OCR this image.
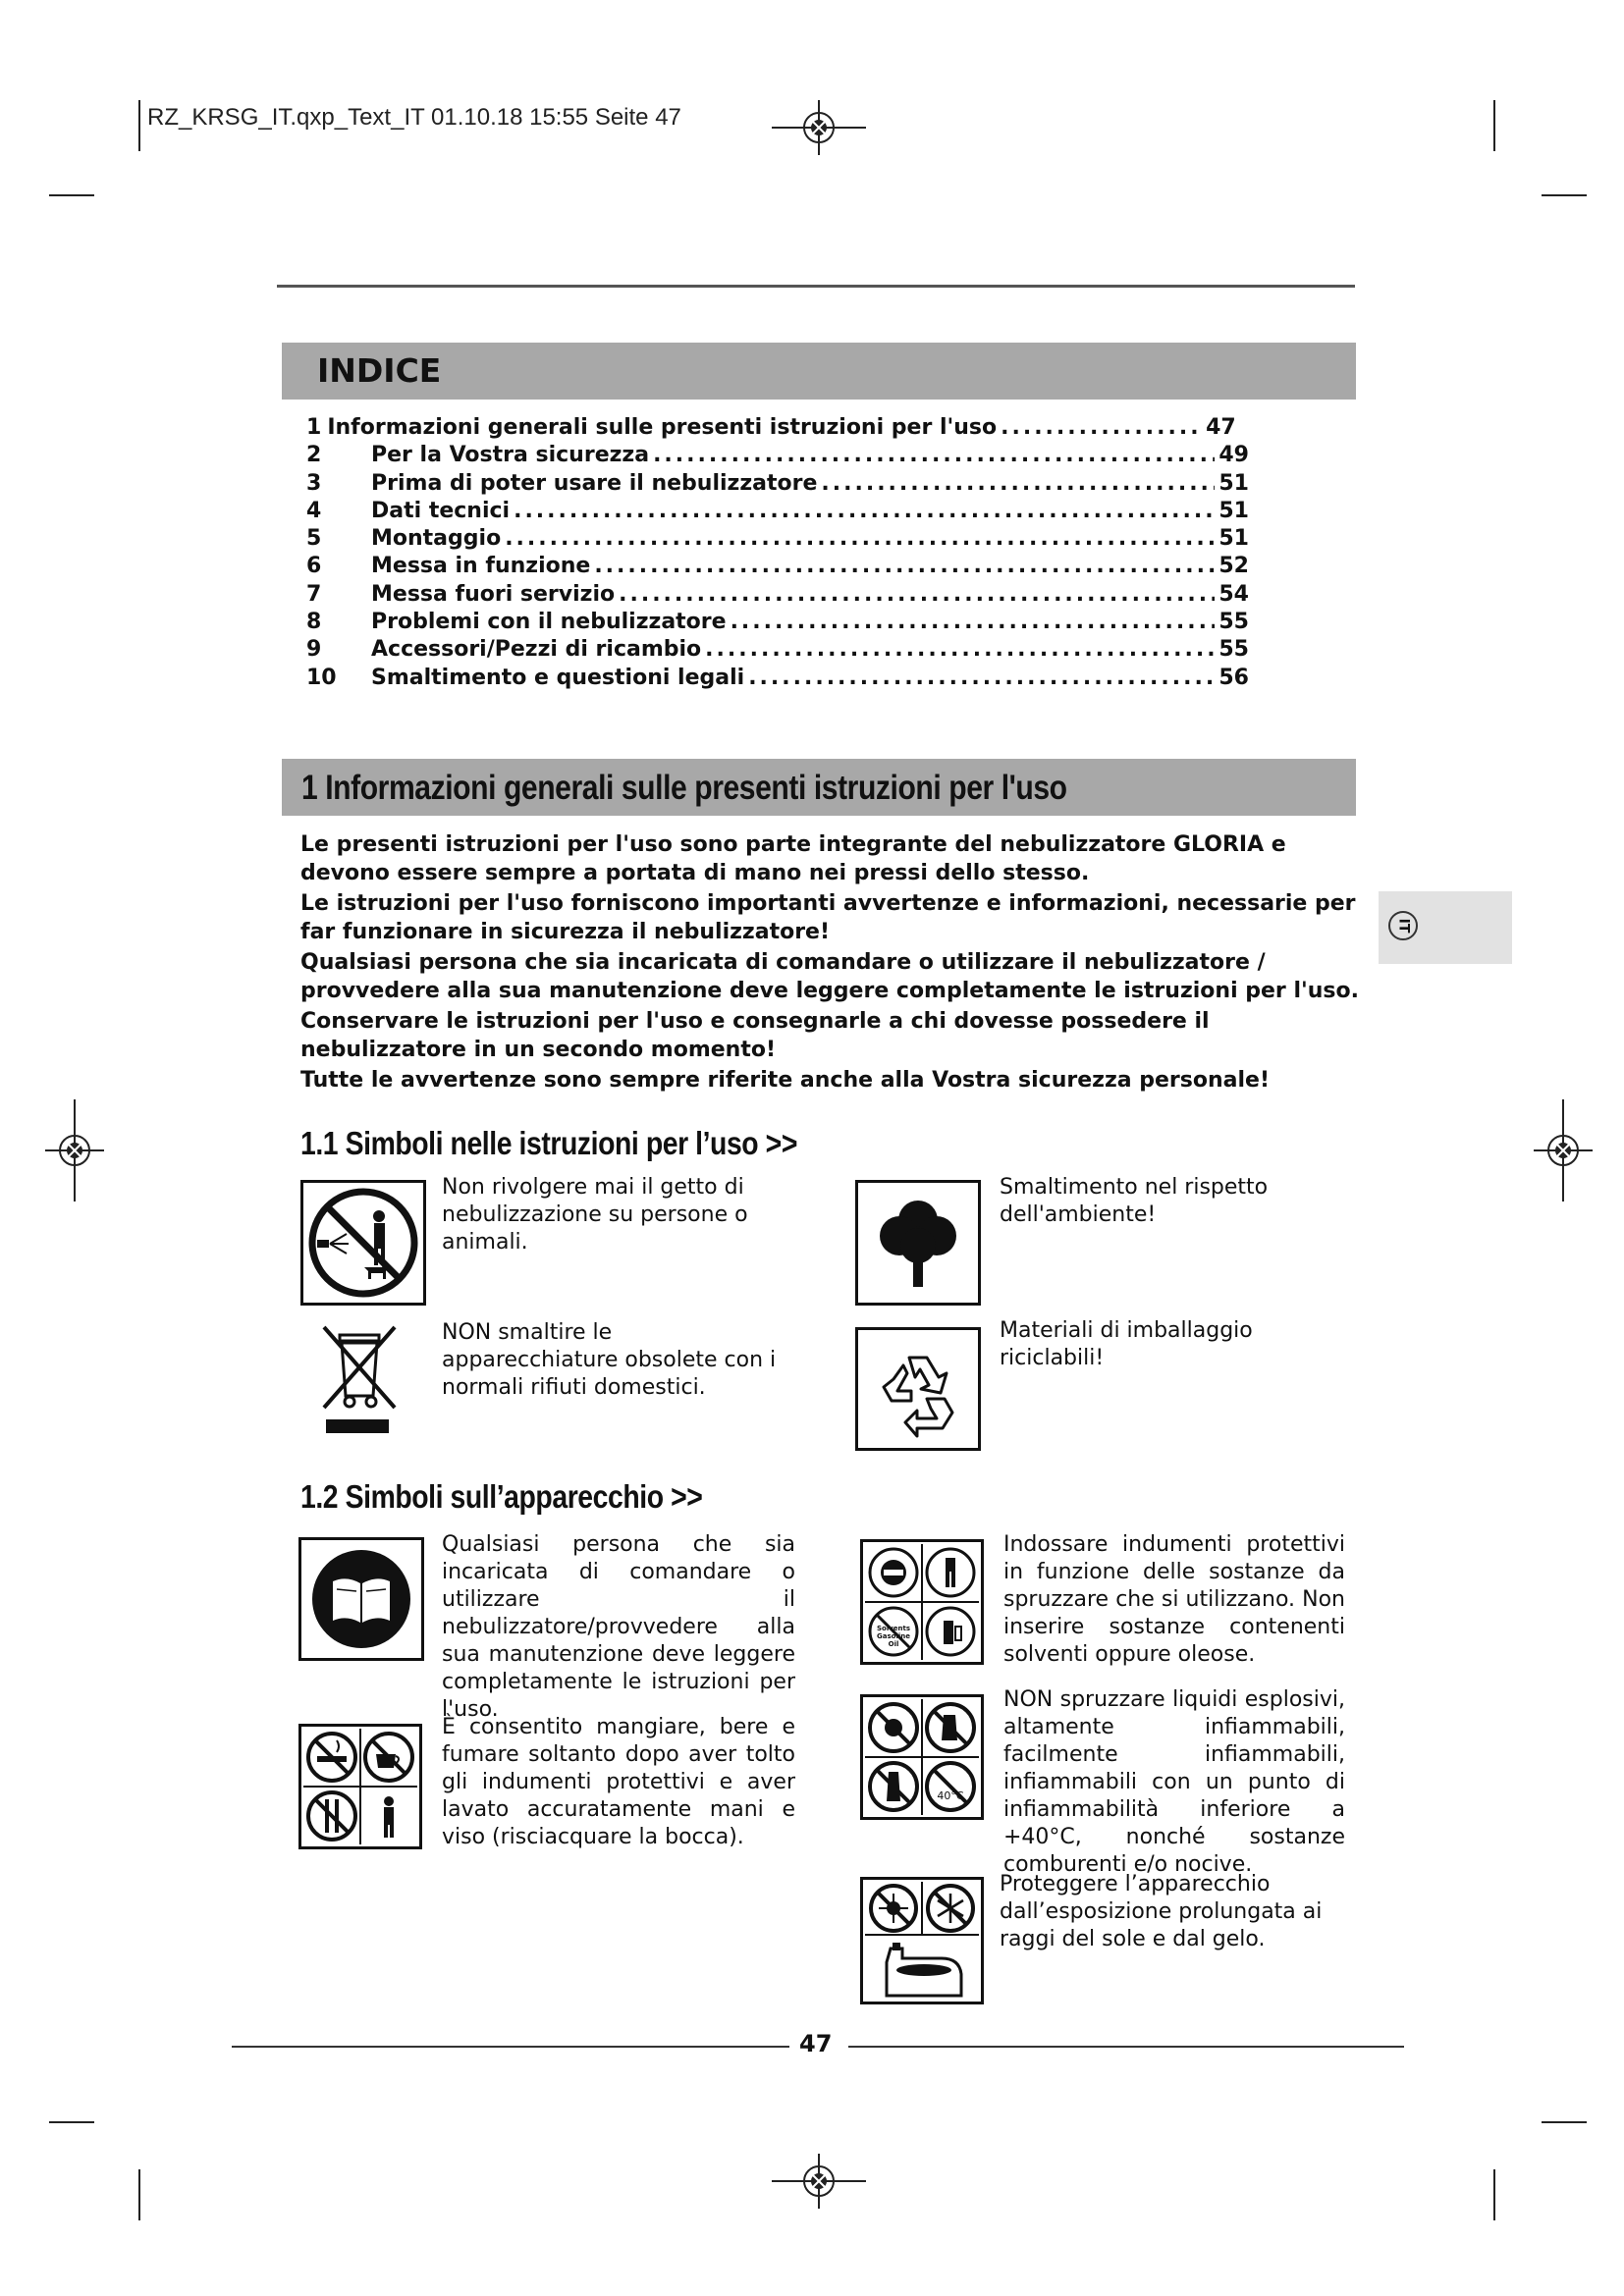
RZ_KRSG_IT.qxp_Text_IT 01.10.18 15:55 Seite 47
INDICE
1 Informazioni generali sulle presenti istruzioni per l'uso .....	47
2	Per la Vostra sicurezza .....	49
3	Prima di poter usare il nebulizzatore .....	51
4	Dati tecnici .....	51
5	Montaggio .....	51
6	Messa in funzione .....	52
7	Messa fuori servizio .....	54
8	Problemi con il nebulizzatore .....	55
9	Accessori/Pezzi di ricambio .....	55
10	Smaltimento e questioni legali .....	56
1 Informazioni generali sulle presenti istruzioni per l'uso

Le presenti istruzioni per l'uso sono parte integrante del nebulizzatore GLORIA e devono essere sempre a portata di mano nei pressi dello stesso.

Le istruzioni per l'uso forniscono importanti avvertenze e informazioni, necessarie per far funzionare in sicurezza il nebulizzatore!

Qualsiasi persona che sia incaricata di comandare o utilizzare il nebulizzatore / provvedere alla sua manutenzione deve leggere completamente le istruzioni per l'uso.

Conservare le istruzioni per l'uso e consegnarle a chi dovesse possedere il nebulizzatore in un secondo momento!

Tutte le avvertenze sono sempre riferite anche alla Vostra sicurezza personale!

IT
1.1 Simboli nelle istruzioni per l’uso >>
Non rivolgere mai il getto di nebulizzazione su persone o animali.
Smaltimento nel rispetto dell'ambiente!
NON smaltire le apparecchiature obsolete con i normali rifiuti domestici.
Materiali di imballaggio riciclabili!
1.2 Simboli sull’apparecchio >>
Qualsiasi persona che sia incaricata di comandare o utilizzare il nebulizzatore/provvedere alla sua manutenzione deve leggere completamente le istruzioni per l'uso.
Solvents
Gasoline
Oil
Indossare indumenti protettivi in funzione delle sostanze da spruzzare che si utilizzano. Non inserire sostanze contenenti solventi oppure oleose.
È consentito mangiare, bere e fumare soltanto dopo aver tolto gli indumenti protettivi e aver lavato accuratamente mani e viso (risciacquare la bocca).
40°C
NON spruzzare liquidi esplosivi, altamente infiammabili, facilmente infiammabili, infiammabili con un punto di infiammabilità inferiore a +40°C, nonché sostanze comburenti e/o nocive.
Proteggere l’apparecchio dall’esposizione prolungata ai raggi del sole e dal gelo.
47
